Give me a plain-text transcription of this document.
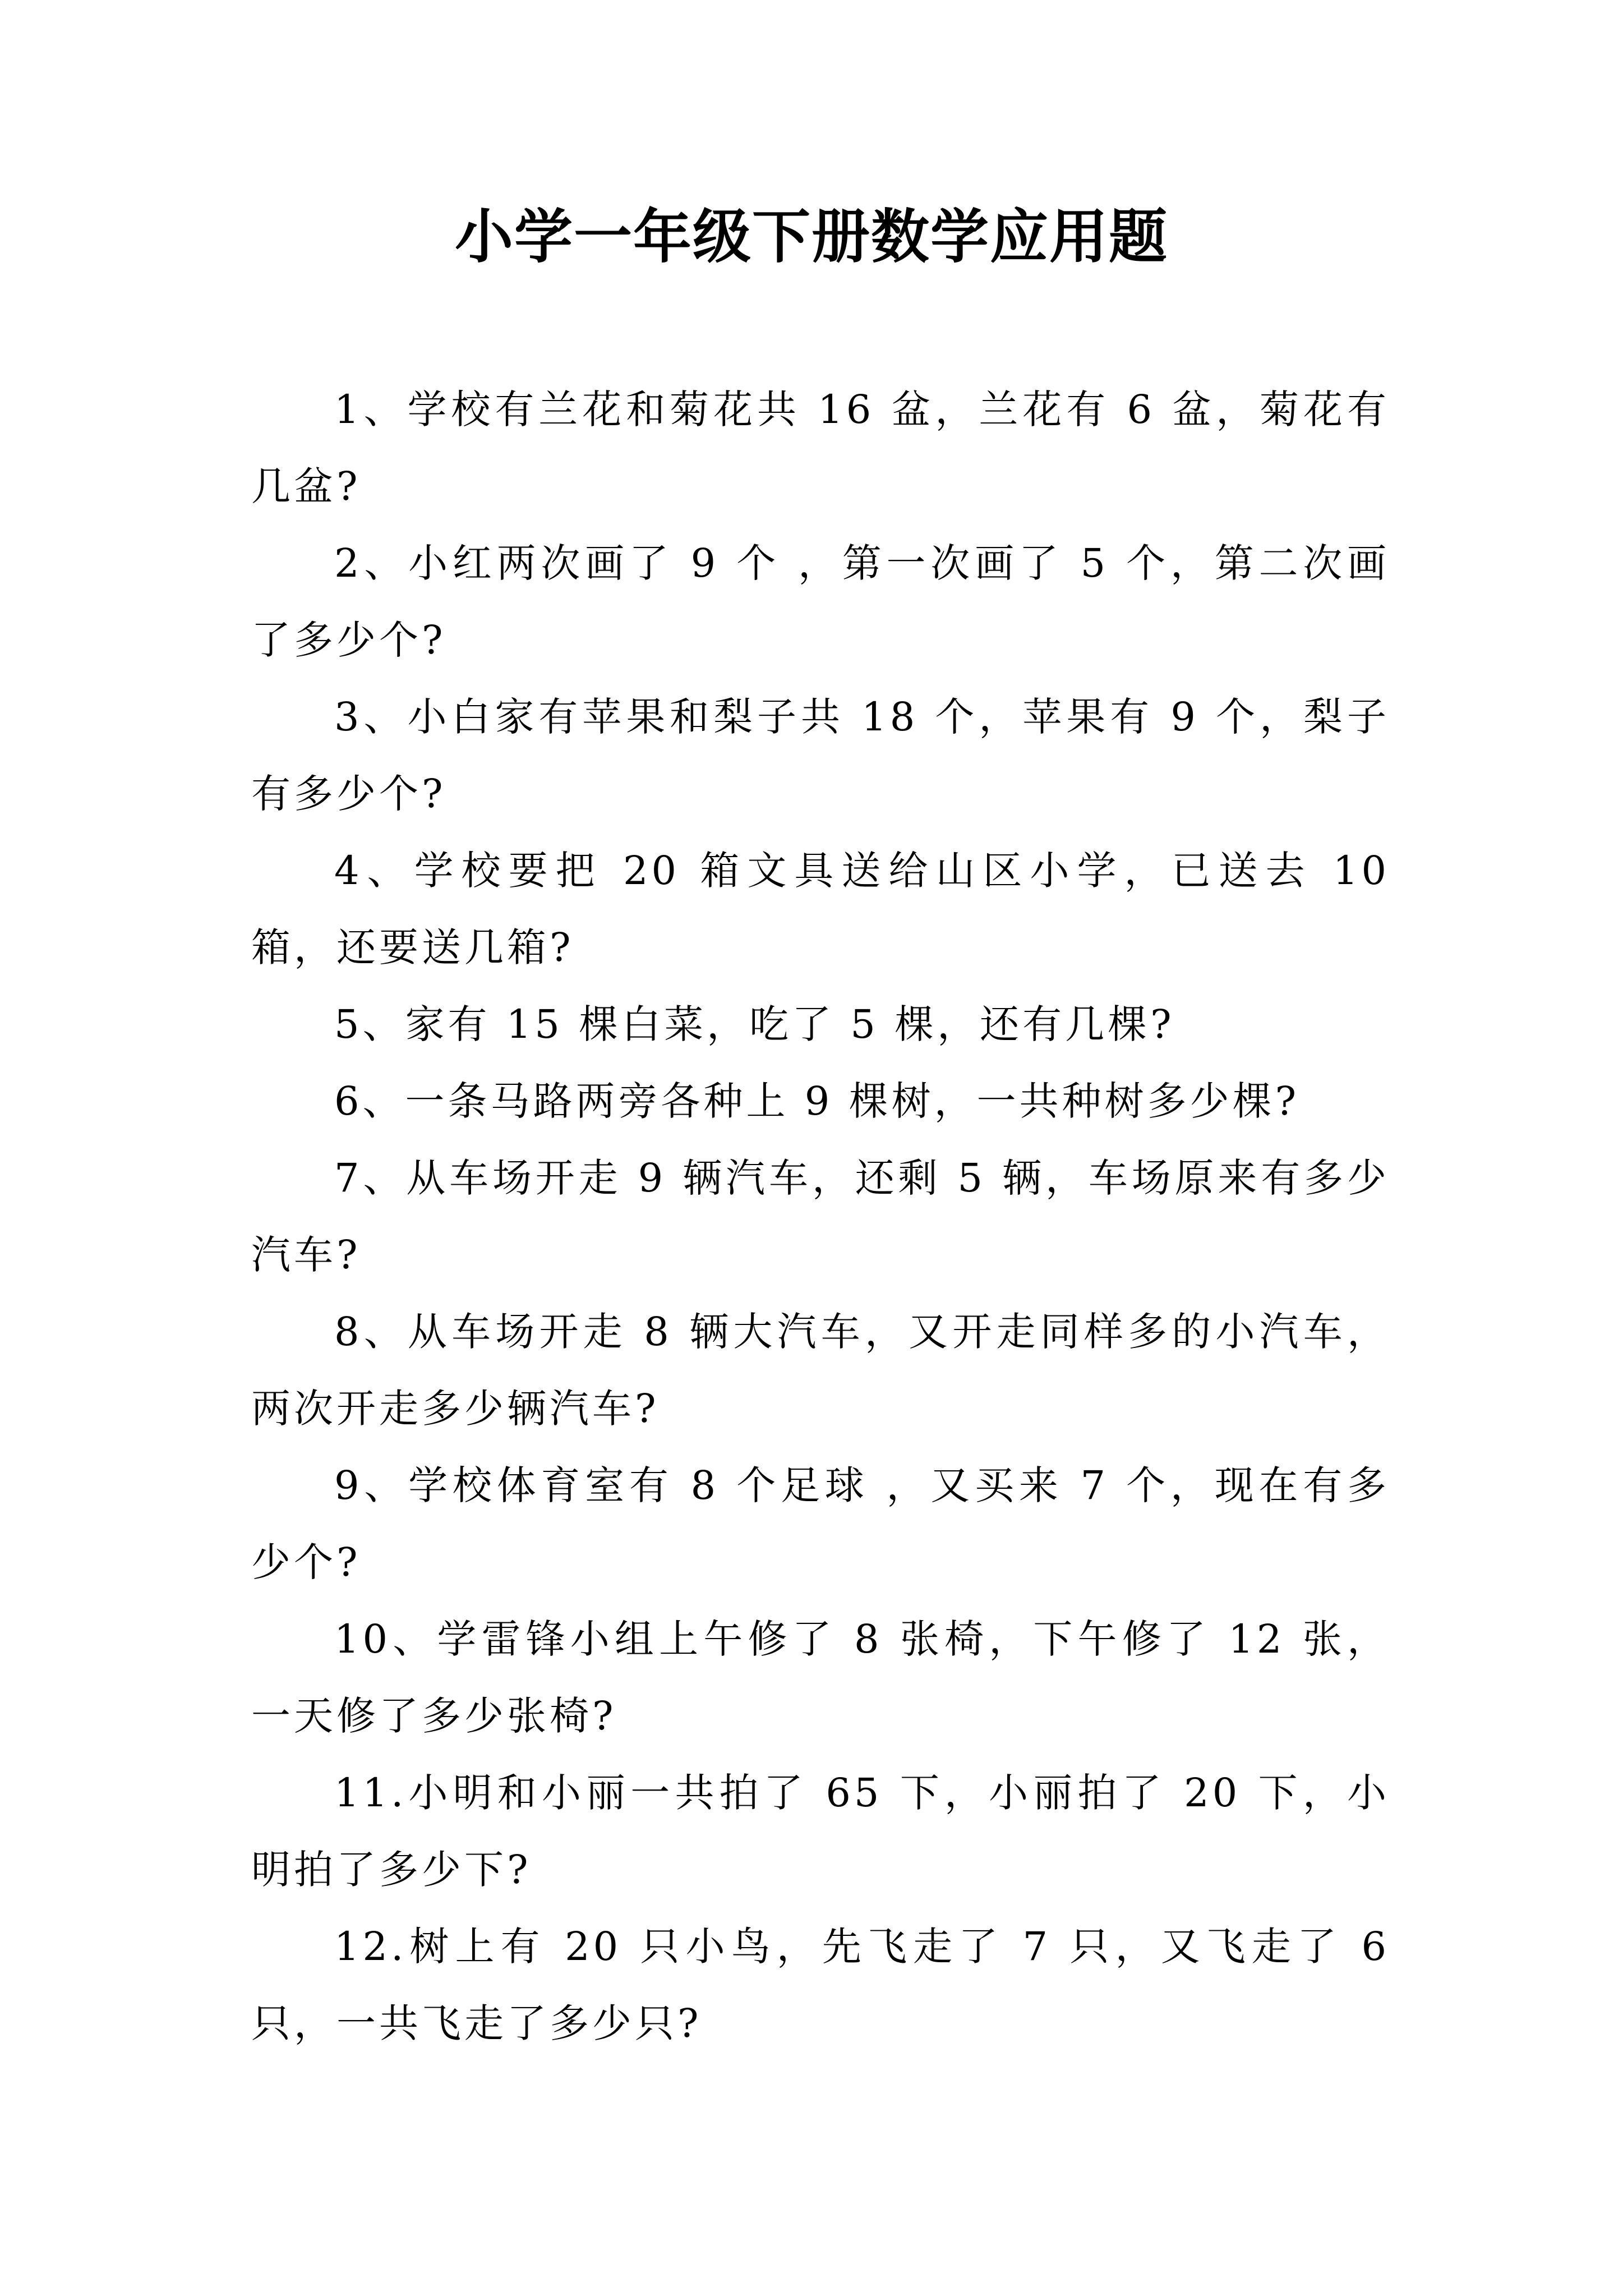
小学一年级下册数学应用题
1、学校有兰花和菊花共 16 盆，兰花有 6 盆，菊花有几盆?
2、小红两次画了 9 个 ，第一次画了 5 个，第二次画了多少个?
3、小白家有苹果和梨子共 18 个，苹果有 9 个，梨子有多少个?
4、学校要把 20 箱文具送给山区小学，已送去 10 箱，还要送几箱?
5、家有 15 棵白菜，吃了 5 棵，还有几棵?
6、一条马路两旁各种上 9 棵树，一共种树多少棵?
7、从车场开走 9 辆汽车，还剩 5 辆，车场原来有多少汽车?
8、从车场开走 8 辆大汽车，又开走同样多的小汽车，两次开走多少辆汽车?
9、学校体育室有 8 个足球 ，又买来 7 个，现在有多少个?
10、学雷锋小组上午修了 8 张椅，下午修了 12 张，一天修了多少张椅?
11.小明和小丽一共拍了 65 下，小丽拍了 20 下，小明拍了多少下?
12.树上有 20 只小鸟，先飞走了 7 只，又飞走了 6 只，一共飞走了多少只?
